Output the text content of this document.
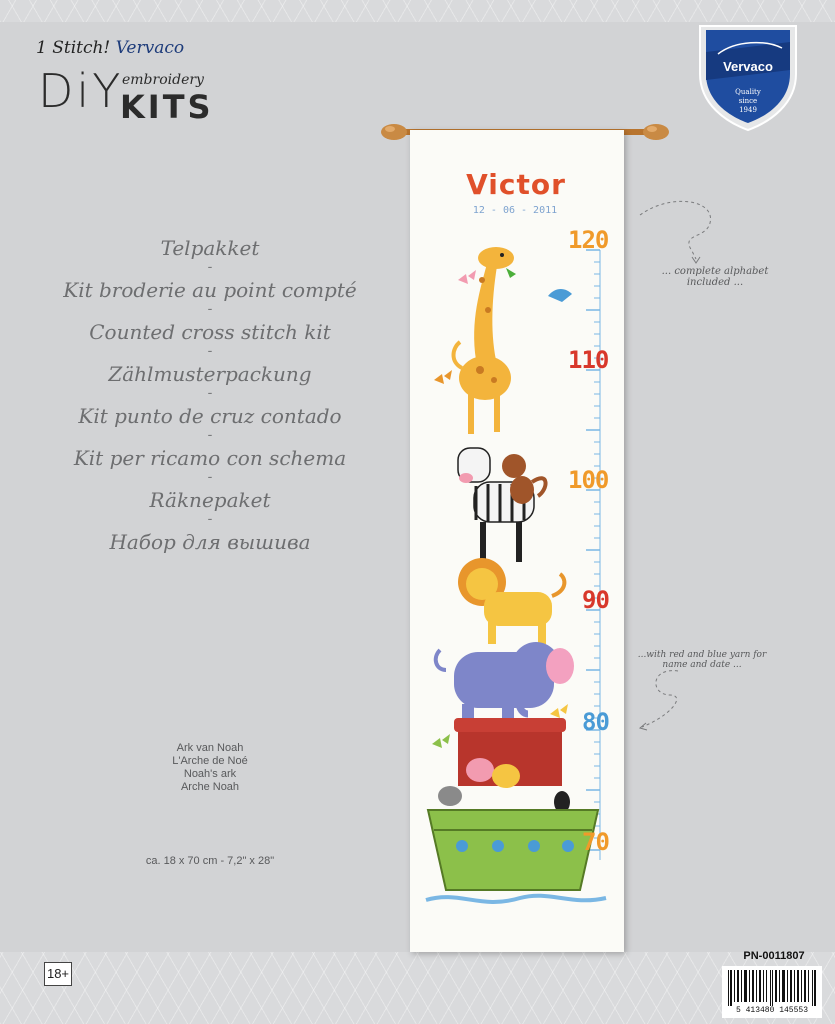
1 Stitch! Vervaco
DiY
embroidery
KITS
Vervaco
Quality
since
1949
Telpakket
-
Kit broderie au point compté
-
Counted cross stitch kit
-
Zählmusterpackung
-
Kit punto de cruz contado
-
Kit per ricamo con schema
-
Räknepaket
-
Набор для вышива
Ark van Noah
L'Arche de Noé
Noah's ark
Arche Noah
ca. 18 x 70 cm - 7,2" x 28"
18+
Victor
12 - 06 - 2011
120
110
100
90
80
70
... complete alphabet
included ...
...with red and blue yarn for
name and date ...
PN-0011807
5 413480 145553
